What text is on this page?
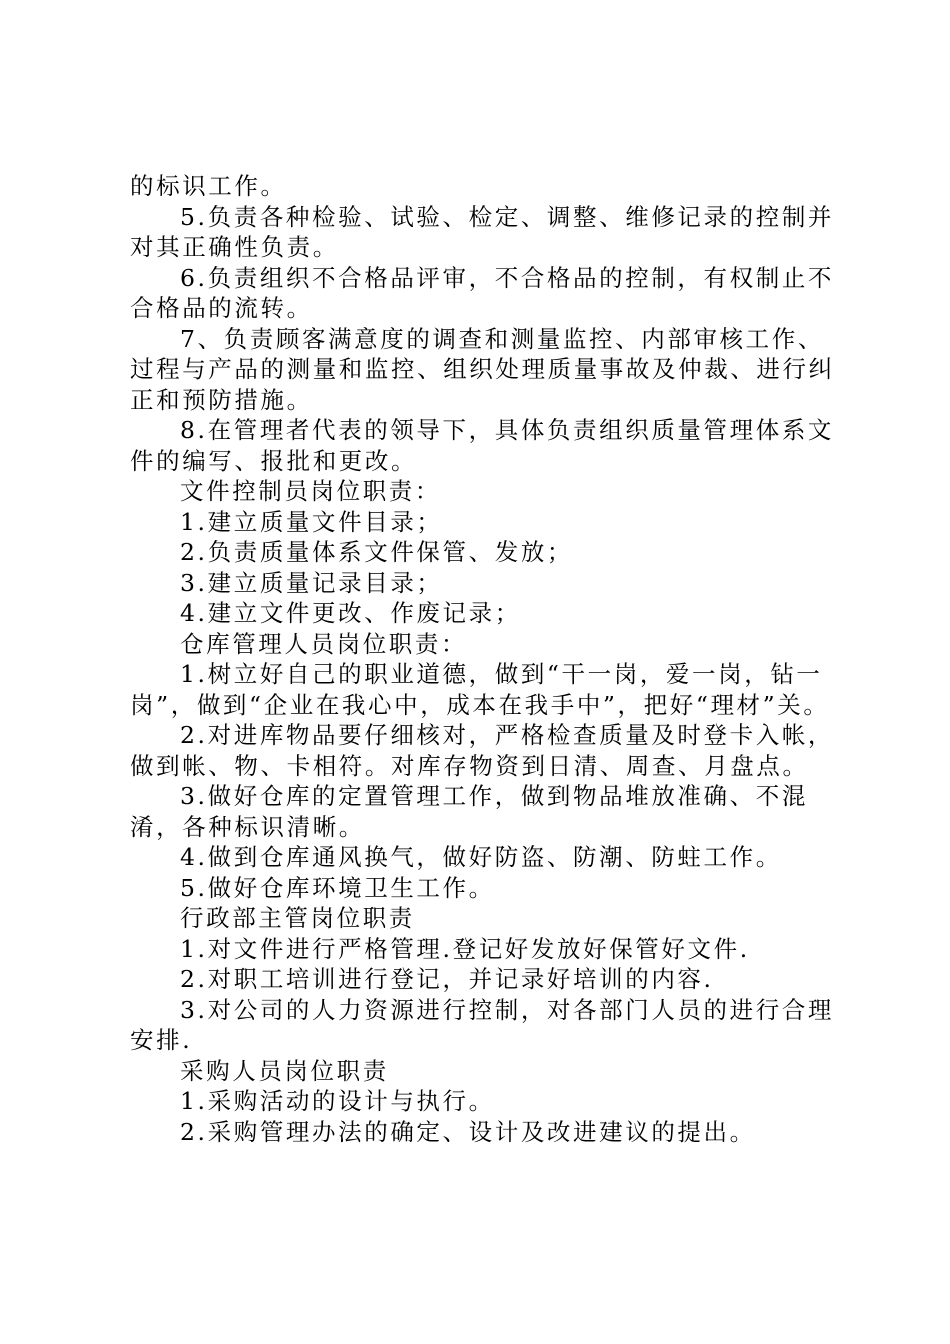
的标识工作。

5.负责各种检验、试验、检定、调整、维修记录的控制并对其正确性负责。

6.负责组织不合格品评审，不合格品的控制，有权制止不合格品的流转。

7、负责顾客满意度的调查和测量监控、内部审核工作、过程与产品的测量和监控、组织处理质量事故及仲裁、进行纠正和预防措施。

8.在管理者代表的领导下，具体负责组织质量管理体系文件的编写、报批和更改。

文件控制员岗位职责：

1.建立质量文件目录；

2.负责质量体系文件保管、发放；

3.建立质量记录目录；

4.建立文件更改、作废记录；

仓库管理人员岗位职责：

1.树立好自己的职业道德，做到“干一岗，爱一岗，钻一岗”，做到“企业在我心中，成本在我手中”，把好“理材”关。

2.对进库物品要仔细核对，严格检查质量及时登卡入帐，做到帐、物、卡相符。对库存物资到日清、周查、月盘点。

3.做好仓库的定置管理工作，做到物品堆放准确、不混淆，各种标识清晰。

4.做到仓库通风换气，做好防盗、防潮、防蛀工作。

5.做好仓库环境卫生工作。

行政部主管岗位职责

1.对文件进行严格管理.登记好发放好保管好文件.

2.对职工培训进行登记，并记录好培训的内容.

3.对公司的人力资源进行控制，对各部门人员的进行合理安排.

采购人员岗位职责

1.采购活动的设计与执行。

2.采购管理办法的确定、设计及改进建议的提出。
